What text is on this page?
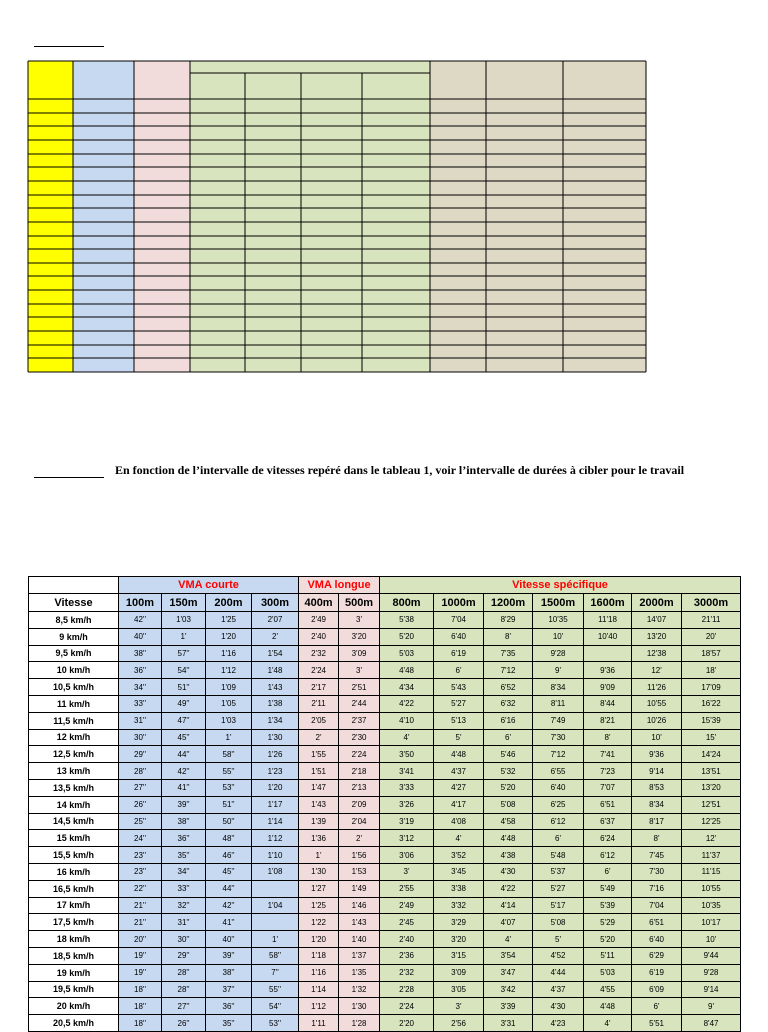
En fonction de l’intervalle de vitesses repéré dans le tableau 1, voir l’intervalle de durées à cibler pour le travail
	VMA courte				VMA longue		Vitesse spécifique						
Vitesse	100m	150m	200m	300m	400m	500m	800m	1000m	1200m	1500m	1600m	2000m	3000m
8,5 km/h	42''	1'03	1'25	2'07	2'49	3'	5'38	7'04	8'29	10'35	11'18	14'07	21'11
9 km/h	40''	1'	1'20	2'	2'40	3'20	5'20	6'40	8'	10'	10'40	13'20	20'
9,5 km/h	38''	57''	1'16	1'54	2'32	3'09	5'03	6'19	7'35	9'28		12'38	18'57
10 km/h	36''	54''	1'12	1'48	2'24	3'	4'48	6'	7'12	9'	9'36	12'	18'
10,5 km/h	34''	51''	1'09	1'43	2'17	2'51	4'34	5'43	6'52	8'34	9'09	11'26	17'09
11 km/h	33''	49''	1'05	1'38	2'11	2'44	4'22	5'27	6'32	8'11	8'44	10'55	16'22
11,5 km/h	31''	47''	1'03	1'34	2'05	2'37	4'10	5'13	6'16	7'49	8'21	10'26	15'39
12 km/h	30''	45''	1'	1'30	2'	2'30	4'	5'	6'	7'30	8'	10'	15'
12,5 km/h	29''	44''	58''	1'26	1'55	2'24	3'50	4'48	5'46	7'12	7'41	9'36	14'24
13 km/h	28''	42''	55''	1'23	1'51	2'18	3'41	4'37	5'32	6'55	7'23	9'14	13'51
13,5 km/h	27''	41''	53''	1'20	1'47	2'13	3'33	4'27	5'20	6'40	7'07	8'53	13'20
14 km/h	26''	39''	51''	1'17	1'43	2'09	3'26	4'17	5'08	6'25	6'51	8'34	12'51
14,5 km/h	25''	38''	50''	1'14	1'39	2'04	3'19	4'08	4'58	6'12	6'37	8'17	12'25
15 km/h	24''	36''	48''	1'12	1'36	2'	3'12	4'	4'48	6'	6'24	8'	12'
15,5 km/h	23''	35''	46''	1'10	1'	1'56	3'06	3'52	4'38	5'48	6'12	7'45	11'37
16 km/h	23''	34''	45''	1'08	1'30	1'53	3'	3'45	4'30	5'37	6'	7'30	11'15
16,5 km/h	22''	33''	44''		1'27	1'49	2'55	3'38	4'22	5'27	5'49	7'16	10'55
17 km/h	21''	32''	42''	1'04	1'25	1'46	2'49	3'32	4'14	5'17	5'39	7'04	10'35
17,5 km/h	21''	31''	41''		1'22	1'43	2'45	3'29	4'07	5'08	5'29	6'51	10'17
18 km/h	20''	30''	40''	1'	1'20	1'40	2'40	3'20	4'	5'	5'20	6'40	10'
18,5 km/h	19''	29''	39''	58''	1'18	1'37	2'36	3'15	3'54	4'52	5'11	6'29	9'44
19 km/h	19''	28''	38''	7''	1'16	1'35	2'32	3'09	3'47	4'44	5'03	6'19	9'28
19,5 km/h	18''	28''	37''	55''	1'14	1'32	2'28	3'05	3'42	4'37	4'55	6'09	9'14
20 km/h	18''	27''	36''	54''	1'12	1'30	2'24	3'	3'39	4'30	4'48	6'	9'
20,5 km/h	18''	26''	35''	53''	1'11	1'28	2'20	2'56	3'31	4'23	4'	5'51	8'47
